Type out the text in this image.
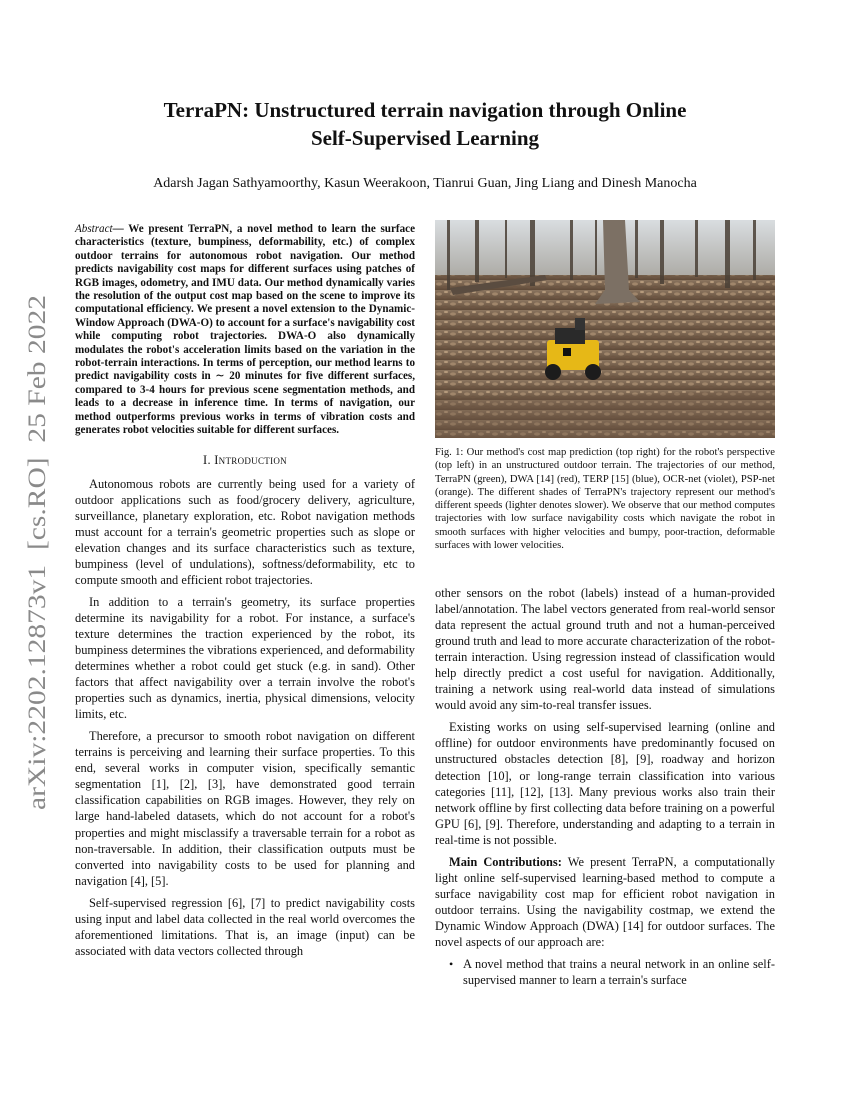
arXiv:2202.12873v1  [cs.RO]  25 Feb 2022
TerraPN: Unstructured terrain navigation through Online
Self-Supervised Learning
Adarsh Jagan Sathyamoorthy, Kasun Weerakoon, Tianrui Guan, Jing Liang and Dinesh Manocha
Abstract— We present TerraPN, a novel method to learn the surface characteristics (texture, bumpiness, deformability, etc.) of complex outdoor terrains for autonomous robot navigation. Our method predicts navigability cost maps for different surfaces using patches of RGB images, odometry, and IMU data. Our method dynamically varies the resolution of the output cost map based on the scene to improve its computational efficiency. We present a novel extension to the Dynamic-Window Approach (DWA-O) to account for a surface's navigability cost while computing robot trajectories. DWA-O also dynamically modulates the robot's acceleration limits based on the variation in the robot-terrain interactions. In terms of perception, our method learns to predict navigability costs in ∼ 20 minutes for five different surfaces, compared to 3-4 hours for previous scene segmentation methods, and leads to a decrease in inference time. In terms of navigation, our method outperforms previous works in terms of vibration costs and generates robot velocities suitable for different surfaces.
I. Introduction

Autonomous robots are currently being used for a variety of outdoor applications such as food/grocery delivery, agriculture, surveillance, planetary exploration, etc. Robot navigation methods must account for a terrain's geometric properties such as slope or elevation changes and its surface characteristics such as texture, bumpiness (level of undulations), softness/deformability, etc to compute smooth and efficient robot trajectories.

In addition to a terrain's geometry, its surface properties determine its navigability for a robot. For instance, a surface's texture determines the traction experienced by the robot, its bumpiness determines the vibrations experienced, and deformability determines whether a robot could get stuck (e.g. in sand). Other factors that affect navigability over a terrain involve the robot's properties such as dynamics, inertia, physical dimensions, velocity limits, etc.

Therefore, a precursor to smooth robot navigation on different terrains is perceiving and learning their surface properties. To this end, several works in computer vision, specifically semantic segmentation [1], [2], [3], have demonstrated good terrain classification capabilities on RGB images. However, they rely on large hand-labeled datasets, which do not account for a robot's properties and might misclassify a traversable terrain for a robot as non-traversable. In addition, their classification outputs must be converted into navigability costs to be used for planning and navigation [4], [5].

Self-supervised regression [6], [7] to predict navigability costs using input and label data collected in the real world overcomes the aforementioned limitations. That is, an image (input) can be associated with data vectors collected through

Fig. 1: Our method's cost map prediction (top right) for the robot's perspective (top left) in an unstructured outdoor terrain. The trajectories of our method, TerraPN (green), DWA [14] (red), TERP [15] (blue), OCR-net (violet), PSP-net (orange). The different shades of TerraPN's trajectory represent our method's different speeds (lighter denotes slower). We observe that our method computes trajectories with low surface navigability costs which navigate the robot in smooth surfaces with higher velocities and bumpy, poor-traction, deformable surfaces with lower velocities.

other sensors on the robot (labels) instead of a human-provided label/annotation. The label vectors generated from real-world sensor data represent the actual ground truth and not a human-perceived ground truth and lead to more accurate characterization of the robot-terrain interaction. Using regression instead of classification would help directly predict a cost useful for navigation. Additionally, training a network using real-world data instead of simulations would avoid any sim-to-real transfer issues.

Existing works on using self-supervised learning (online and offline) for outdoor environments have predominantly focused on unstructured obstacles detection [8], [9], roadway and horizon detection [10], or long-range terrain classification into various categories [11], [12], [13]. Many previous works also train their network offline by first collecting data before training on a powerful GPU [6], [9]. Therefore, understanding and adapting to a terrain in real-time is not possible.

Main Contributions: We present TerraPN, a computationally light online self-supervised learning-based method to compute a surface navigability cost map for efficient robot navigation in outdoor terrains. Using the navigability costmap, we extend the Dynamic Window Approach (DWA) [14] for outdoor surfaces. The novel aspects of our approach are:

• A novel method that trains a neural network in an online self-supervised manner to learn a terrain's surface
